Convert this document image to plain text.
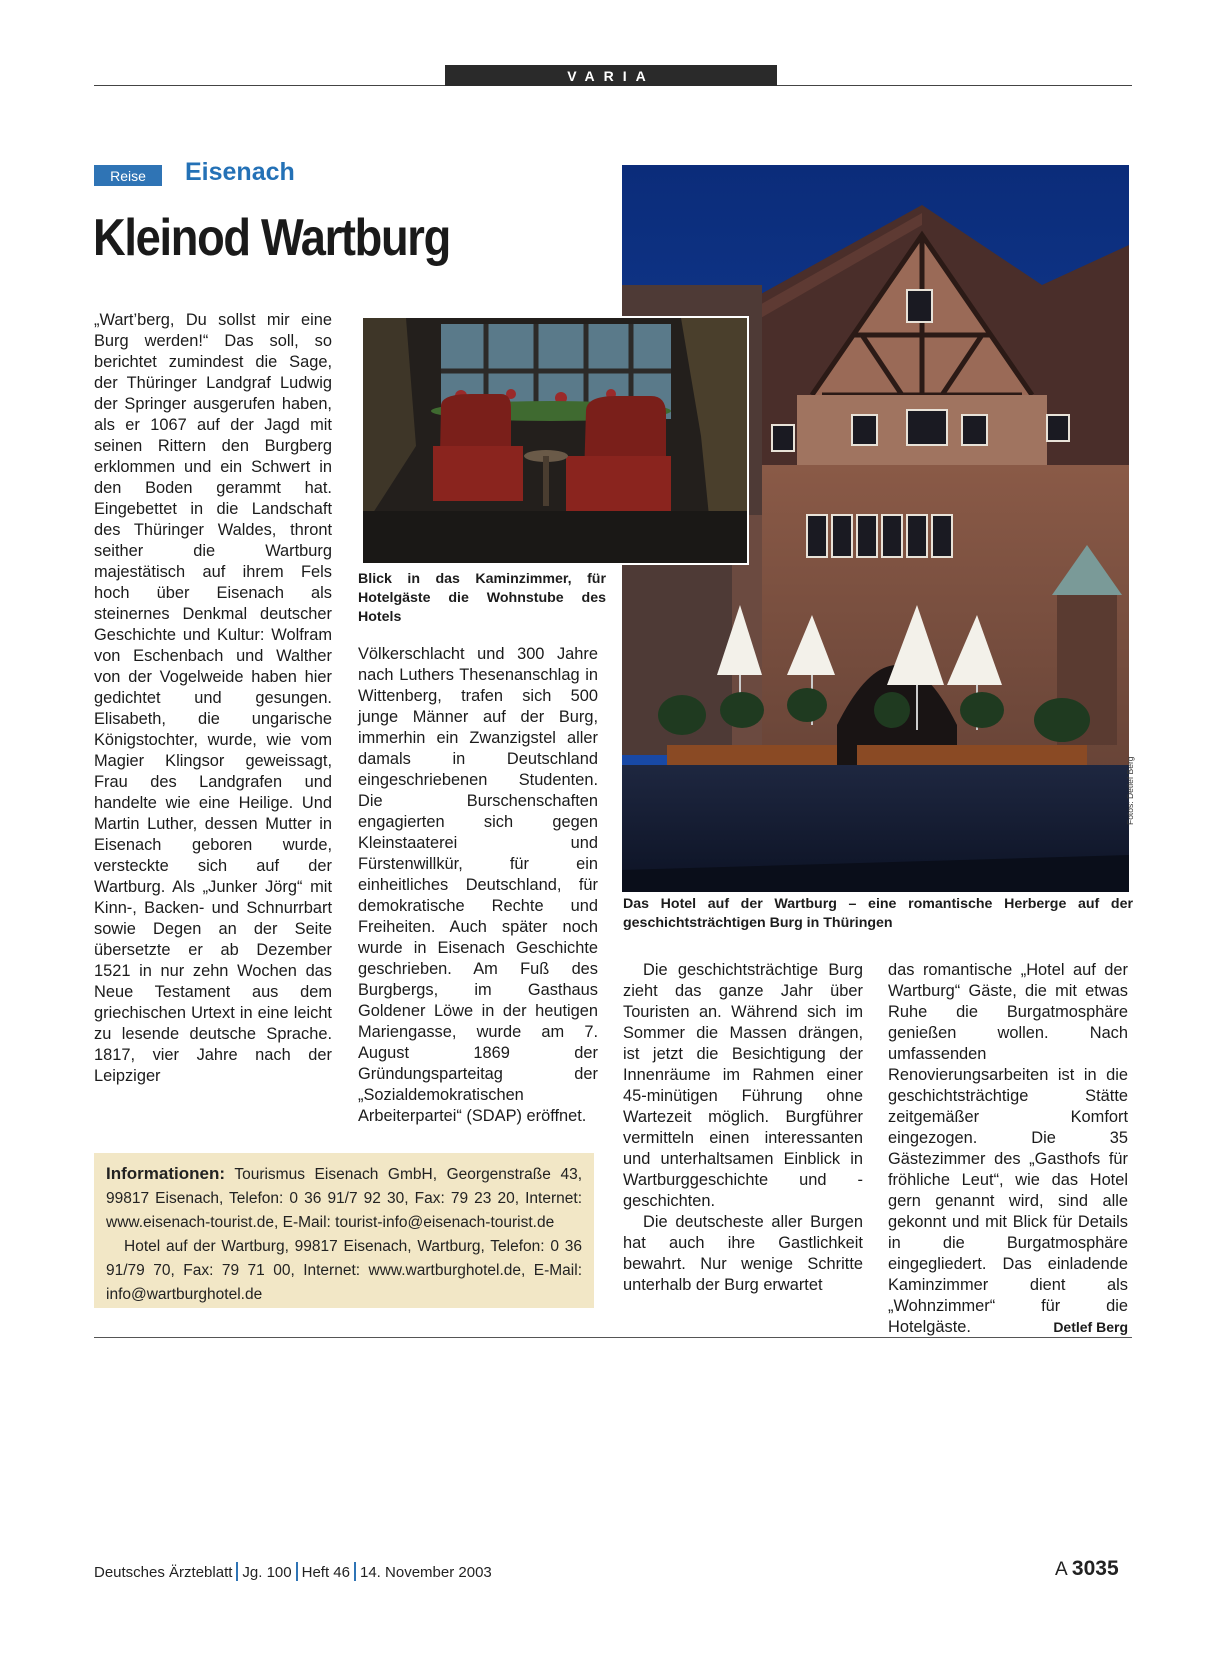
VARIA
Reise	Eisenach
Kleinod Wartburg
Blick in das Kaminzimmer, für Hotelgäste die Wohnstube des Hotels
Das Hotel auf der Wartburg – eine romantische Herberge auf der geschichtsträchtigen Burg in Thüringen
Fotos: Detlef Berg

„Wart’berg, Du sollst mir eine Burg werden!“ Das soll, so berichtet zumindest die Sage, der Thüringer Landgraf Ludwig der Springer ausgerufen haben, als er 1067 auf der Jagd mit seinen Rittern den Burgberg erklommen und ein Schwert in den Boden gerammt hat. Eingebettet in die Landschaft des Thüringer Waldes, thront seither die Wartburg majestätisch auf ihrem Fels hoch über Eisenach als steinernes Denkmal deutscher Geschichte und Kultur: Wolfram von Eschenbach und Walther von der Vogelweide haben hier gedichtet und gesungen. Elisabeth, die ungarische Königstochter, wurde, wie vom Magier Klingsor geweissagt, Frau des Landgrafen und handelte wie eine Heilige. Und Martin Luther, dessen Mutter in Eisenach geboren wurde, versteckte sich auf der Wartburg. Als „Junker Jörg“ mit Kinn-, Backen- und Schnurrbart sowie Degen an der Seite übersetzte er ab Dezember 1521 in nur zehn Wochen das Neue Testament aus dem griechischen Urtext in eine leicht zu lesende deutsche Sprache. 1817, vier Jahre nach der Leipziger

Völkerschlacht und 300 Jahre nach Luthers Thesenanschlag in Wittenberg, trafen sich 500 junge Männer auf der Burg, immerhin ein Zwanzigstel aller damals in Deutschland eingeschriebenen Studenten. Die Burschenschaften engagierten sich gegen Kleinstaaterei und Fürstenwillkür, für ein einheitliches Deutschland, für demokratische Rechte und Freiheiten. Auch später noch wurde in Eisenach Geschichte geschrieben. Am Fuß des Burgbergs, im Gasthaus Goldener Löwe in der heutigen Mariengasse, wurde am 7. August 1869 der Gründungsparteitag der „Sozialdemokratischen Arbeiterpartei“ (SDAP) eröffnet.

Die geschichtsträchtige Burg zieht das ganze Jahr über Touristen an. Während sich im Sommer die Massen drängen, ist jetzt die Besichtigung der Innenräume im Rahmen einer 45-minütigen Führung ohne Wartezeit möglich. Burgführer vermitteln einen interessanten und unterhaltsamen Einblick in Wartburggeschichte und -geschichten.

Die deutscheste aller Burgen hat auch ihre Gastlichkeit bewahrt. Nur wenige Schritte unterhalb der Burg erwartet

das romantische „Hotel auf der Wartburg“ Gäste, die mit etwas Ruhe die Burgatmosphäre genießen wollen. Nach umfassenden Renovierungsarbeiten ist in die geschichtsträchtige Stätte zeitgemäßer Komfort eingezogen. Die 35 Gästezimmer des „Gasthofs für fröhliche Leut“, wie das Hotel gern genannt wird, sind alle gekonnt und mit Blick für Details in die Burgatmosphäre eingegliedert. Das einladende Kaminzimmer dient als „Wohnzimmer“ für die Hotelgäste.	Detlef Berg

Informationen: Tourismus Eisenach GmbH, Georgenstraße 43, 99817 Eisenach, Telefon: 0 36 91/7 92 30, Fax: 79 23 20, Internet: www.eisenach-tourist.de, E-Mail: tourist-info@eisenach-tourist.de

Hotel auf der Wartburg, 99817 Eisenach, Wartburg, Telefon: 0 36 91/79 70, Fax: 79 71 00, Internet: www.wartburghotel.de, E-Mail: info@wartburghotel.de

Deutsches Ärzteblatt Jg. 100 Heft 46 14. November 2003	A 3035
